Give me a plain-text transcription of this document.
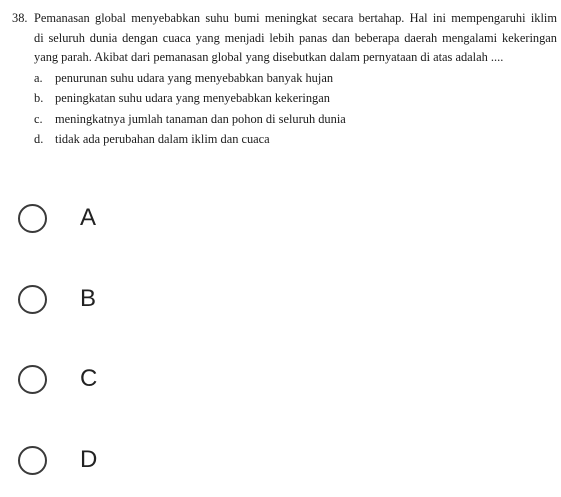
38. Pemanasan global menyebabkan suhu bumi meningkat secara bertahap. Hal ini mempengaruhi iklim
di seluruh dunia dengan cuaca yang menjadi lebih panas dan beberapa daerah mengalami kekeringan
yang parah. Akibat dari pemanasan global yang disebutkan dalam pernyataan di atas adalah ....
a. penurunan suhu udara yang menyebabkan banyak hujan
b. peningkatan suhu udara yang menyebabkan kekeringan
c. meningkatnya jumlah tanaman dan pohon di seluruh dunia
d. tidak ada perubahan dalam iklim dan cuaca
A
B
C
D
